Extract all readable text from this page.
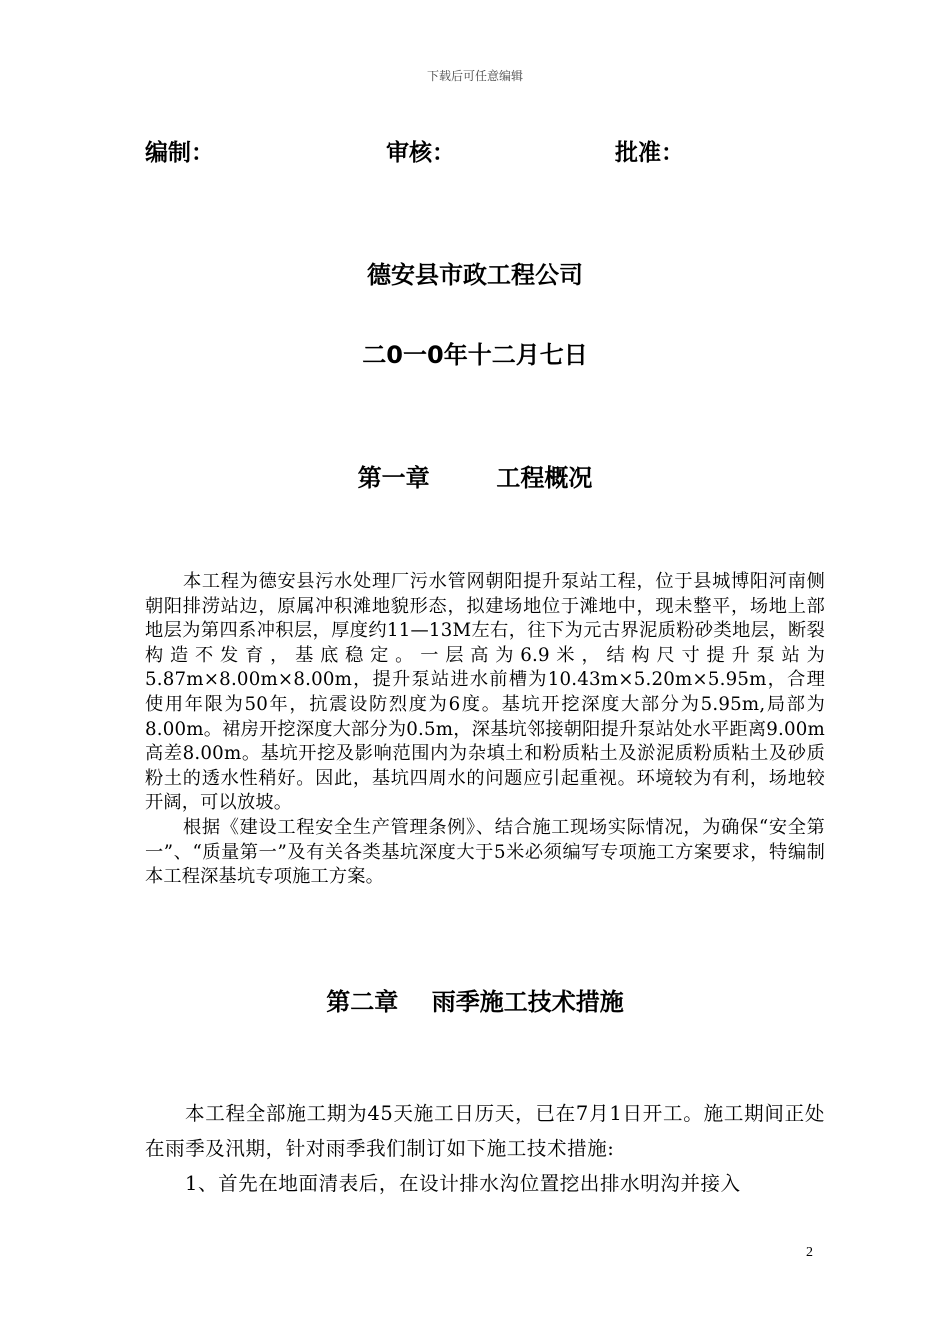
下载后可任意编辑
编制：	审核：	批准：
德安县市政工程公司
二0一0年十二月七日
第一章        工程概况

本工程为德安县污水处理厂污水管网朝阳提升泵站工程，位于县城博阳河南侧朝阳排涝站边，原属冲积滩地貌形态，拟建场地位于滩地中，现未整平，场地上部地层为第四系冲积层，厚度约11—13M左右，往下为元古界泥质粉砂类地层，断裂构造不发育，基底稳定。一层高为6.9米，结构尺寸提升泵站为5.87m×8.00m×8.00m，提升泵站进水前槽为10.43m×5.20m×5.95m，合理使用年限为50年，抗震设防烈度为6度。基坑开挖深度大部分为5.95m,局部为8.00m。裙房开挖深度大部分为0.5m，深基坑邻接朝阳提升泵站处水平距离9.00m高差8.00m。基坑开挖及影响范围内为杂填土和粉质粘土及淤泥质粉质粘土及砂质粉土的透水性稍好。因此，基坑四周水的问题应引起重视。环境较为有利，场地较开阔，可以放坡。

根据《建设工程安全生产管理条例》、结合施工现场实际情况，为确保“安全第一”、“质量第一”及有关各类基坑深度大于5米必须编写专项施工方案要求，特编制本工程深基坑专项施工方案。

第二章    雨季施工技术措施

本工程全部施工期为45天施工日历天，已在7月1日开工。施工期间正处在雨季及汛期，针对雨季我们制订如下施工技术措施:

1、首先在地面清表后，在设计排水沟位置挖出排水明沟并接入

2
